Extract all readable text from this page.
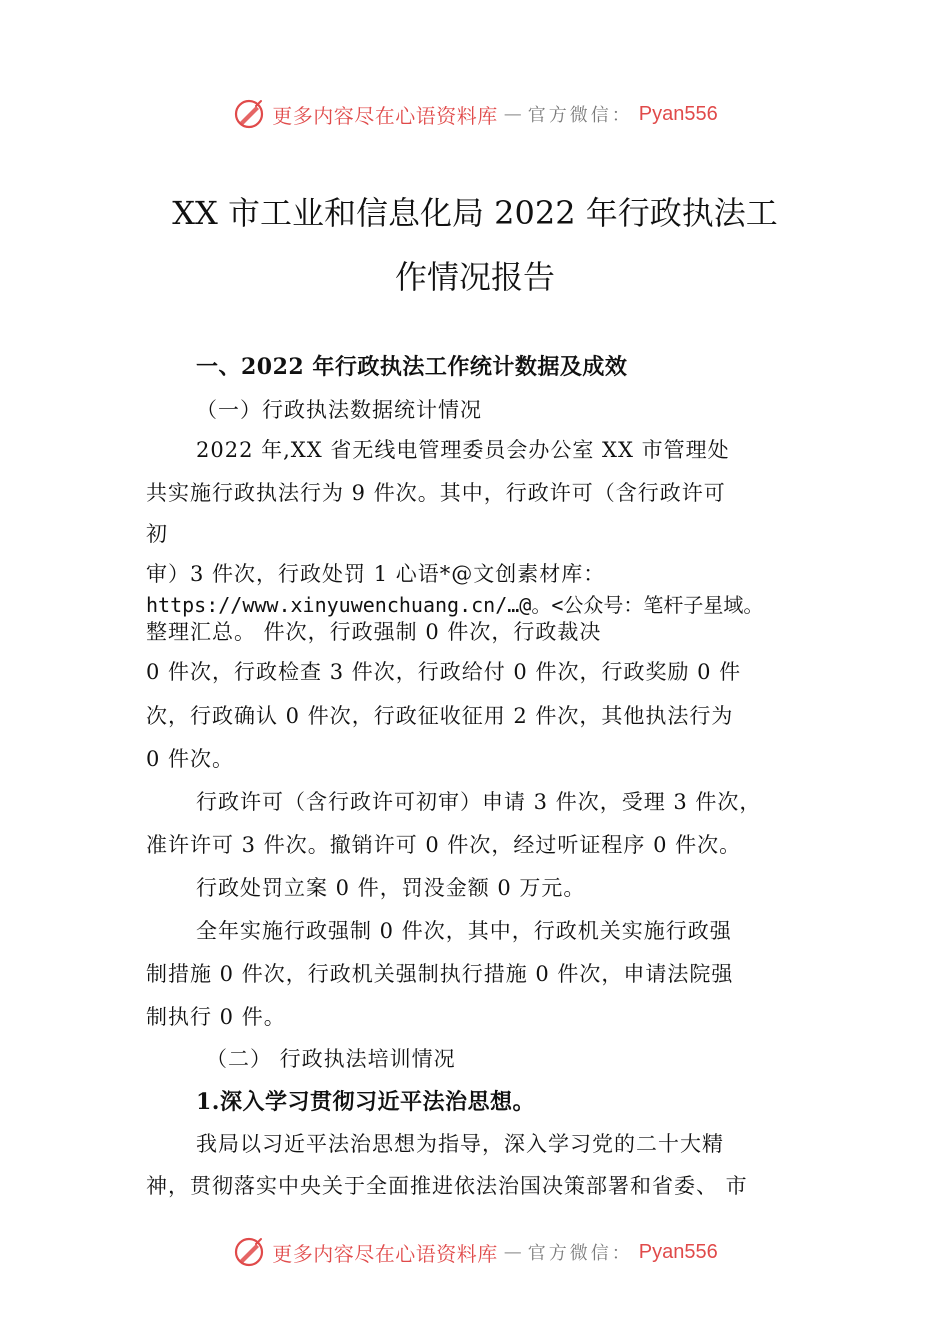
更多内容尽在心语资料库 — 官方微信： Pyan556
XX 市工业和信息化局 2022 年行政执法工
作情况报告
一、2022 年行政执法工作统计数据及成效
（一）行政执法数据统计情况
2022 年,XX 省无线电管理委员会办公室 XX 市管理处
共实施行政执法行为 9 件次。其中，行政许可（含行政许可
初
审）3 件次，行政处罚 1 心语*@文创素材库：
https://www.xinyuwenchuang.cn/…@。<公众号：笔杆子星域。
整理汇总。 件次，行政强制 0 件次，行政裁决
0 件次，行政检查 3 件次，行政给付 0 件次，行政奖励 0 件
次，行政确认 0 件次，行政征收征用 2 件次，其他执法行为
0 件次。
行政许可（含行政许可初审）申请 3 件次，受理 3 件次，
准许许可 3 件次。撤销许可 0 件次，经过听证程序 0 件次。
行政处罚立案 0 件，罚没金额 0 万元。
全年实施行政强制 0 件次，其中，行政机关实施行政强
制措施 0 件次，行政机关强制执行措施 0 件次，申请法院强
制执行 0 件。
（二） 行政执法培训情况
1.深入学习贯彻习近平法治思想。
我局以习近平法治思想为指导，深入学习党的二十大精
神，贯彻落实中央关于全面推进依法治国决策部署和省委、 市
更多内容尽在心语资料库 — 官方微信： Pyan556
